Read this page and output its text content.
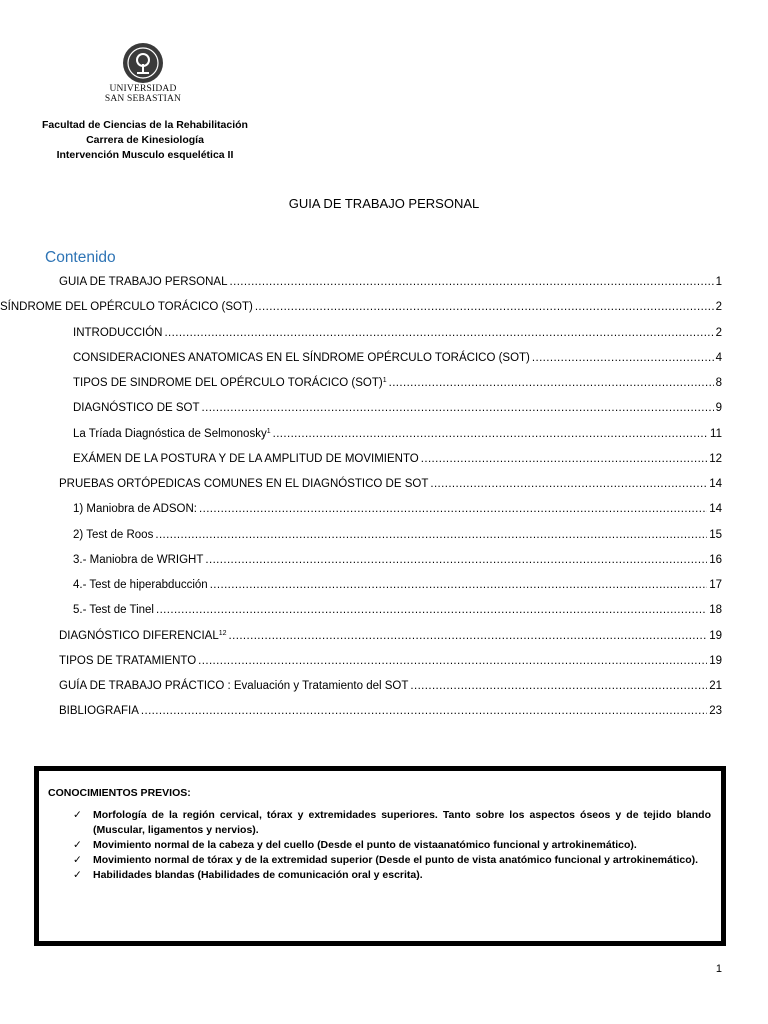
UNIVERSIDAD
SAN SEBASTIAN
Facultad de Ciencias de la Rehabilitación
Carrera de Kinesiología
Intervención Musculo esquelética II
GUIA DE TRABAJO PERSONAL
Contenido
GUIA DE TRABAJO PERSONAL .....	1
SÍNDROME DEL OPÉRCULO TORÁCICO (SOT) .....	2
INTRODUCCIÓN .....	2
CONSIDERACIONES ANATOMICAS EN EL SÍNDROME OPÉRCULO TORÁCICO (SOT) .....	4
TIPOS DE SINDROME DEL OPÉRCULO TORÁCICO (SOT)$^1$ .....	8
DIAGNÓSTICO DE SOT .....	9
La Tríada Diagnóstica de Selmonosky$^1$ .....	11
EXÁMEN DE LA POSTURA Y DE LA AMPLITUD DE MOVIMIENTO .....	12
PRUEBAS ORTÓPEDICAS COMUNES EN EL DIAGNÓSTICO DE SOT .....	14
1) Maniobra de ADSON: .....	14
2) Test de Roos .....	15
3.- Maniobra de WRIGHT .....	16
4.- Test de hiperabducción .....	17
5.- Test de Tinel .....	18
DIAGNÓSTICO DIFERENCIAL$^{12}$ .....	19
TIPOS DE TRATAMIENTO .....	19
GUÍA DE TRABAJO PRÁCTICO : Evaluación y Tratamiento del SOT .....	21
BIBLIOGRAFIA .....	23
CONOCIMIENTOS PREVIOS:
✓ Morfología de la región cervical, tórax y extremidades superiores. Tanto sobre los aspectos óseos y de tejido blando (Muscular, ligamentos y nervios).
✓ Movimiento normal de la cabeza y del cuello (Desde el punto de vistaanatómico funcional y artrokinemático).
✓ Movimiento normal de tórax y de la extremidad superior (Desde el punto de vista anatómico funcional y artrokinemático).
✓ Habilidades blandas (Habilidades de comunicación oral y escrita).
1
